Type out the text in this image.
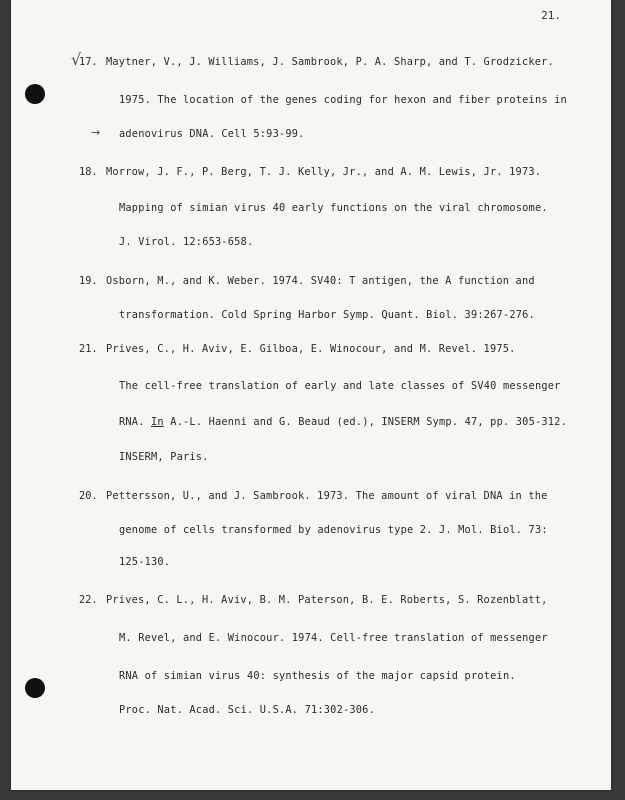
21.
√
→
17. Maytner, V., J. Williams, J. Sambrook, P. A. Sharp, and T. Grodzicker.
1975. The location of the genes coding for hexon and fiber proteins in
adenovirus DNA. Cell 5:93-99.
18. Morrow, J. F., P. Berg, T. J. Kelly, Jr., and A. M. Lewis, Jr. 1973.
Mapping of simian virus 40 early functions on the viral chromosome.
J. Virol. 12:653-658.
19. Osborn, M., and K. Weber. 1974. SV40: T antigen, the A function and
transformation. Cold Spring Harbor Symp. Quant. Biol. 39:267-276.
21. Prives, C., H. Aviv, E. Gilboa, E. Winocour, and M. Revel. 1975.
The cell-free translation of early and late classes of SV40 messenger
RNA. In A.-L. Haenni and G. Beaud (ed.), INSERM Symp. 47, pp. 305-312.
INSERM, Paris.
20. Pettersson, U., and J. Sambrook. 1973. The amount of viral DNA in the
genome of cells transformed by adenovirus type 2. J. Mol. Biol. 73:
125-130.
22. Prives, C. L., H. Aviv, B. M. Paterson, B. E. Roberts, S. Rozenblatt,
M. Revel, and E. Winocour. 1974. Cell-free translation of messenger
RNA of simian virus 40: synthesis of the major capsid protein.
Proc. Nat. Acad. Sci. U.S.A. 71:302-306.
